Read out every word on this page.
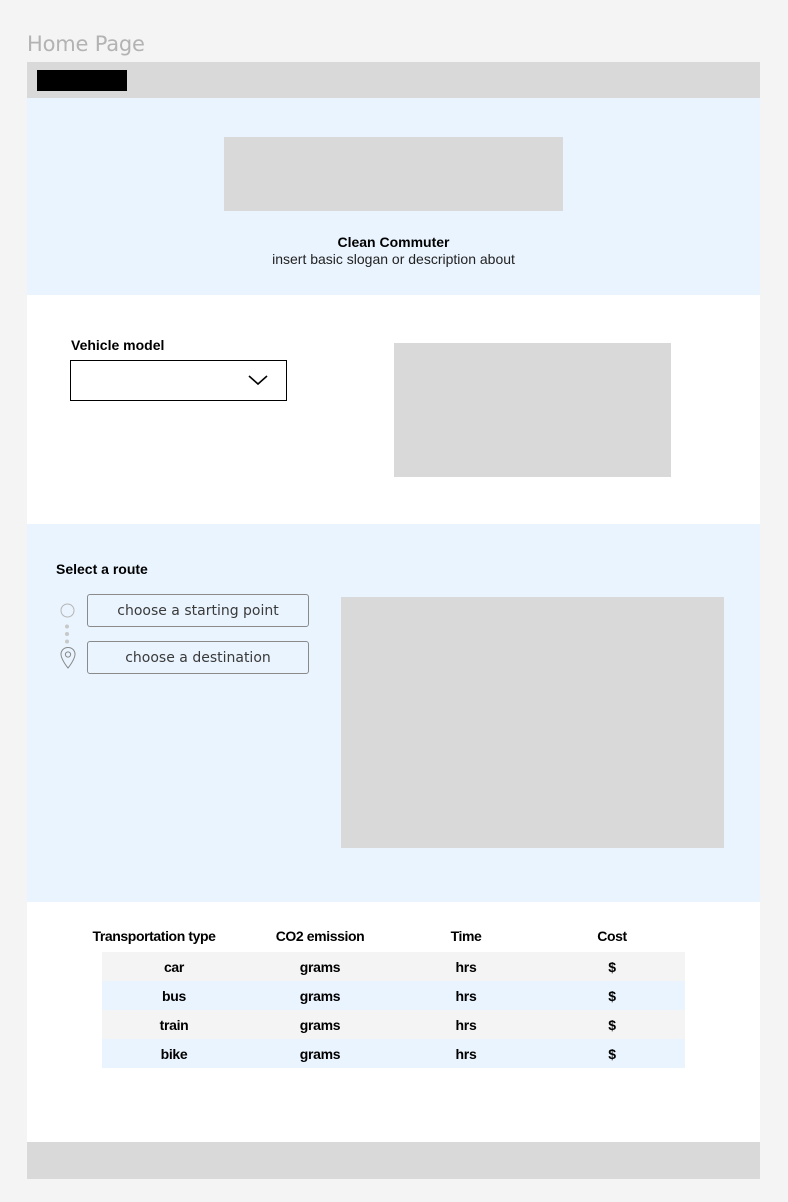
Home Page
Clean Commuter
insert basic slogan or description about
Vehicle model
Select a route
choose a starting point
choose a destination
Transportation type	CO2 emission	Time	Cost
car	grams	hrs	$
bus	grams	hrs	$
train	grams	hrs	$
bike	grams	hrs	$
